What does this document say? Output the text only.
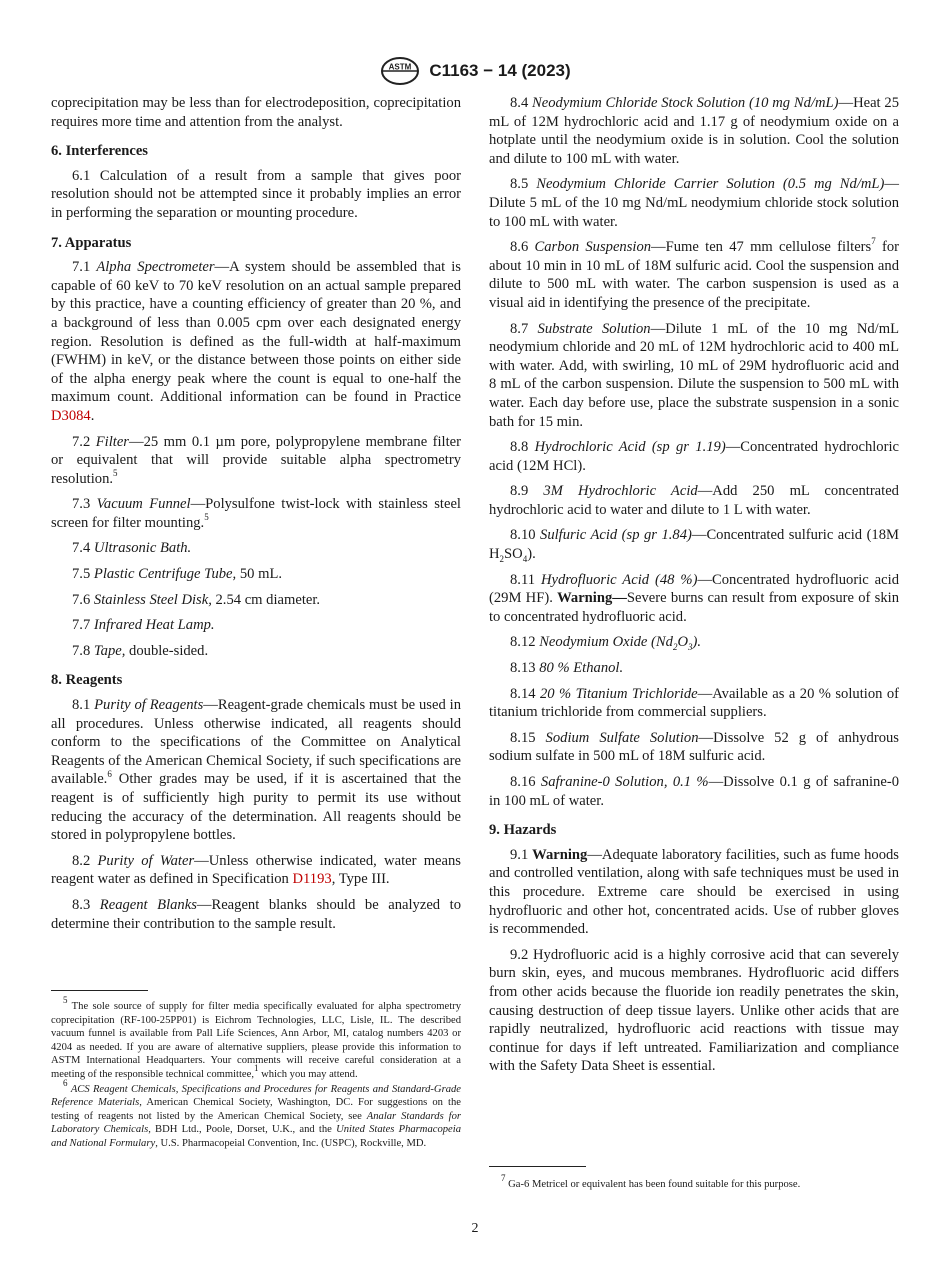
ASTM C1163 − 14 (2023)

coprecipitation may be less than for electrodeposition, coprecipitation requires more time and attention from the analyst.

6. Interferences

6.1 Calculation of a result from a sample that gives poor resolution should not be attempted since it probably implies an error in performing the separation or mounting procedure.

7. Apparatus

7.1 Alpha Spectrometer—A system should be assembled that is capable of 60 keV to 70 keV resolution on an actual sample prepared by this practice, have a counting efficiency of greater than 20 %, and a background of less than 0.005 cpm over each designated energy region. Resolution is defined as the full-width at half-maximum (FWHM) in keV, or the distance between those points on either side of the alpha energy peak where the count is equal to one-half the maximum count. Additional information can be found in Practice D3084.

7.2 Filter—25 mm 0.1 µm pore, polypropylene membrane filter or equivalent that will provide suitable alpha spectrometry resolution.$^5$

7.3 Vacuum Funnel—Polysulfone twist-lock with stainless steel screen for filter mounting.$^5$

7.4 Ultrasonic Bath.

7.5 Plastic Centrifuge Tube, 50 mL.

7.6 Stainless Steel Disk, 2.54 cm diameter.

7.7 Infrared Heat Lamp.

7.8 Tape, double-sided.

8. Reagents

8.1 Purity of Reagents—Reagent-grade chemicals must be used in all procedures. Unless otherwise indicated, all reagents should conform to the specifications of the Committee on Analytical Reagents of the American Chemical Society, if such specifications are available.$^6$ Other grades may be used, if it is ascertained that the reagent is of sufficiently high purity to permit its use without reducing the accuracy of the determination. All reagents should be stored in polypropylene bottles.

8.2 Purity of Water—Unless otherwise indicated, water means reagent water as defined in Specification D1193, Type III.

8.3 Reagent Blanks—Reagent blanks should be analyzed to determine their contribution to the sample result.

$^5$ The sole source of supply for filter media specifically evaluated for alpha spectrometry coprecipitation (RF-100-25PP01) is Eichrom Technologies, LLC, Lisle, IL. The described vacuum funnel is available from Pall Life Sciences, Ann Arbor, MI, catalog numbers 4203 or 4204 as needed. If you are aware of alternative suppliers, please provide this information to ASTM International Headquarters. Your comments will receive careful consideration at a meeting of the responsible technical committee,$^1$ which you may attend.

$^6$ ACS Reagent Chemicals, Specifications and Procedures for Reagents and Standard-Grade Reference Materials, American Chemical Society, Washington, DC. For suggestions on the testing of reagents not listed by the American Chemical Society, see Analar Standards for Laboratory Chemicals, BDH Ltd., Poole, Dorset, U.K., and the United States Pharmacopeia and National Formulary, U.S. Pharmacopeial Convention, Inc. (USPC), Rockville, MD.

8.4 Neodymium Chloride Stock Solution (10 mg Nd/mL)—Heat 25 mL of 12M hydrochloric acid and 1.17 g of neodymium oxide on a hotplate until the neodymium oxide is in solution. Cool the solution and dilute to 100 mL with water.

8.5 Neodymium Chloride Carrier Solution (0.5 mg Nd/mL)—Dilute 5 mL of the 10 mg Nd/mL neodymium chloride stock solution to 100 mL with water.

8.6 Carbon Suspension—Fume ten 47 mm cellulose filters$^7$ for about 10 min in 10 mL of 18M sulfuric acid. Cool the suspension and dilute to 500 mL with water. The carbon suspension is used as a visual aid in identifying the presence of the precipitate.

8.7 Substrate Solution—Dilute 1 mL of the 10 mg Nd/mL neodymium chloride and 20 mL of 12M hydrochloric acid to 400 mL with water. Add, with swirling, 10 mL of 29M hydrofluoric acid and 8 mL of the carbon suspension. Dilute the suspension to 500 mL with water. Each day before use, place the substrate suspension in a sonic bath for 15 min.

8.8 Hydrochloric Acid (sp gr 1.19)—Concentrated hydrochloric acid (12M HCl).

8.9 3M Hydrochloric Acid—Add 250 mL concentrated hydrochloric acid to water and dilute to 1 L with water.

8.10 Sulfuric Acid (sp gr 1.84)—Concentrated sulfuric acid (18M $H_2SO_4$).

8.11 Hydrofluoric Acid (48 %)—Concentrated hydrofluoric acid (29M HF). Warning—Severe burns can result from exposure of skin to concentrated hydrofluoric acid.

8.12 Neodymium Oxide $(Nd_2O_3)$.

8.13 80 % Ethanol.

8.14 20 % Titanium Trichloride—Available as a 20 % solution of titanium trichloride from commercial suppliers.

8.15 Sodium Sulfate Solution—Dissolve 52 g of anhydrous sodium sulfate in 500 mL of 18M sulfuric acid.

8.16 Safranine-0 Solution, 0.1 %—Dissolve 0.1 g of safranine-0 in 100 mL of water.

9. Hazards

9.1 Warning—Adequate laboratory facilities, such as fume hoods and controlled ventilation, along with safe techniques must be used in this procedure. Extreme care should be exercised in using hydrofluoric and other hot, concentrated acids. Use of rubber gloves is recommended.

9.2 Hydrofluoric acid is a highly corrosive acid that can severely burn skin, eyes, and mucous membranes. Hydrofluoric acid differs from other acids because the fluoride ion readily penetrates the skin, causing destruction of deep tissue layers. Unlike other acids that are rapidly neutralized, hydrofluoric acid reactions with tissue may continue for days if left untreated. Familiarization and compliance with the Safety Data Sheet is essential.

$^7$ Ga-6 Metricel or equivalent has been found suitable for this purpose.

2
